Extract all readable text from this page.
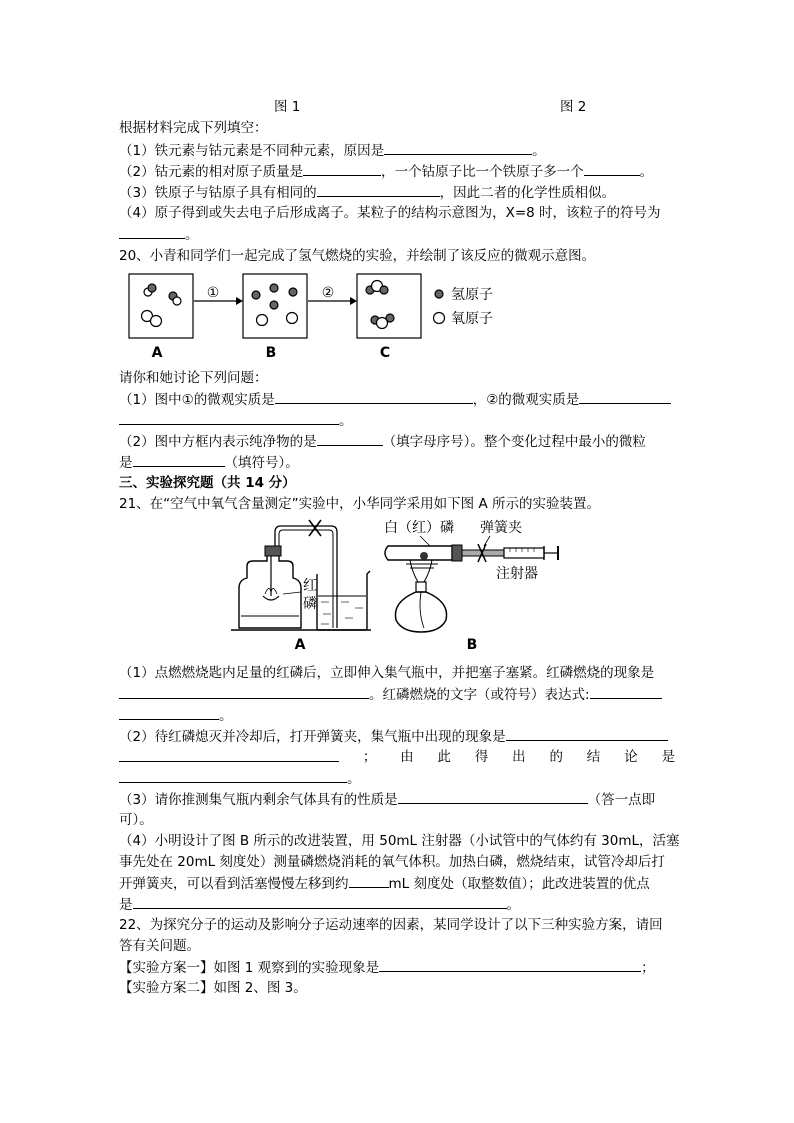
图 1	图 2
根据材料完成下列填空：
（1）铁元素与钴元素是不同种元素，原因是	。
（2）钴元素的相对原子质量是	，一个钴原子比一个铁原子多一个	。
（3）铁原子与钴原子具有相同的	，因此二者的化学性质相似。
（4）原子得到或失去电子后形成离子。某粒子的结构示意图为，X=8 时，该粒子的符号为
。
20、小青和同学们一起完成了氢气燃烧的实验，并绘制了该反应的微观示意图。
A
①
B
②
C
氢原子
氧原子
请你和她讨论下列问题：
（1）图中①的微观实质是	，②的微观实质是
。
（2）图中方框内表示纯净物的是	（填字母序号）。整个变化过程中最小的微粒
是	（填符号）。
三、实验探究题（共 14 分）
21、在“空气中氧气含量测定”实验中，小华同学采用如下图 A 所示的实验装置。
红
磷
A
白（红）磷 弹簧夹
注射器
B
（1）点燃燃烧匙内足量的红磷后，立即伸入集气瓶中，并把塞子塞紧。红磷燃烧的现象是
。红磷燃烧的文字（或符号）表达式:
。
（2）待红磷熄灭并冷却后，打开弹簧夹，集气瓶中出现的现象是
； 由 此 得 出 的 结 论 是
。
（3）请你推测集气瓶内剩余气体具有的性质是	（答一点即
可）。
（4）小明设计了图 B 所示的改进装置，用 50mL 注射器（小试管中的气体约有 30mL，活塞
事先处在 20mL 刻度处）测量磷燃烧消耗的氧气体积。加热白磷，燃烧结束，试管冷却后打
开弹簧夹，可以看到活塞慢慢左移到约	mL 刻度处（取整数值）；此改进装置的优点
是	。
22、为探究分子的运动及影响分子运动速率的因素，某同学设计了以下三种实验方案，请回
答有关问题。
【实验方案一】如图 1 观察到的实验现象是	；
【实验方案二】如图 2、图 3。
